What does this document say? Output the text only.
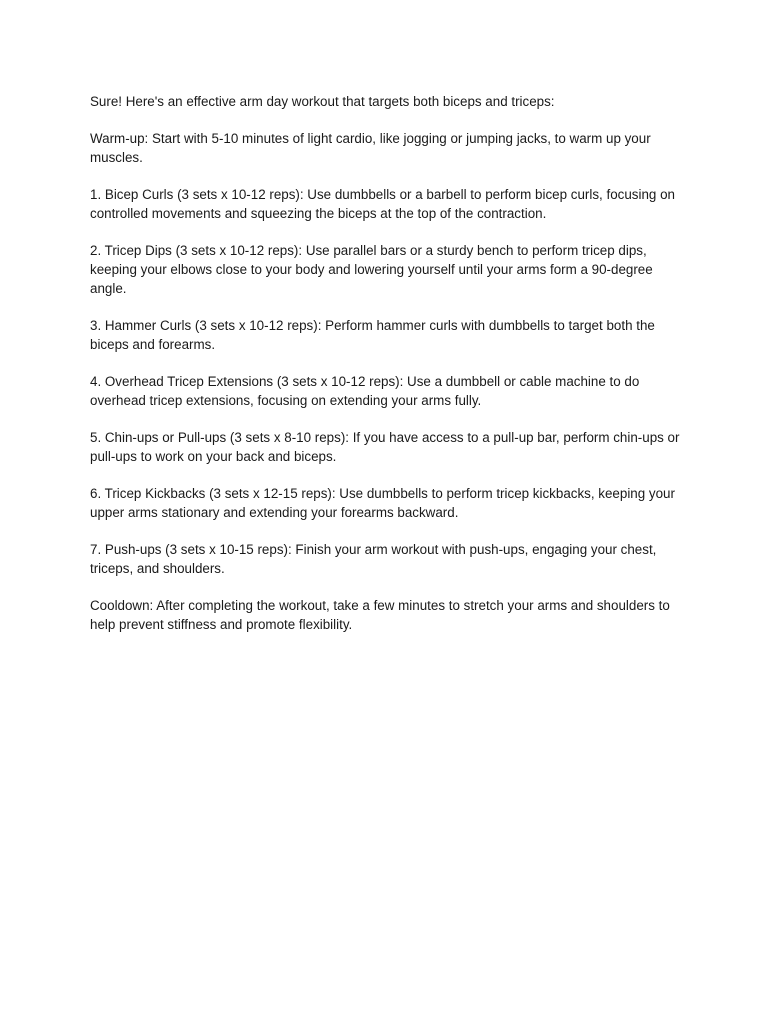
Sure! Here's an effective arm day workout that targets both biceps and triceps:

Warm-up: Start with 5-10 minutes of light cardio, like jogging or jumping jacks, to warm up your muscles.

1. Bicep Curls (3 sets x 10-12 reps): Use dumbbells or a barbell to perform bicep curls, focusing on controlled movements and squeezing the biceps at the top of the contraction.

2. Tricep Dips (3 sets x 10-12 reps): Use parallel bars or a sturdy bench to perform tricep dips, keeping your elbows close to your body and lowering yourself until your arms form a 90-degree angle.

3. Hammer Curls (3 sets x 10-12 reps): Perform hammer curls with dumbbells to target both the biceps and forearms.

4. Overhead Tricep Extensions (3 sets x 10-12 reps): Use a dumbbell or cable machine to do overhead tricep extensions, focusing on extending your arms fully.

5. Chin-ups or Pull-ups (3 sets x 8-10 reps): If you have access to a pull-up bar, perform chin-ups or pull-ups to work on your back and biceps.

6. Tricep Kickbacks (3 sets x 12-15 reps): Use dumbbells to perform tricep kickbacks, keeping your upper arms stationary and extending your forearms backward.

7. Push-ups (3 sets x 10-15 reps): Finish your arm workout with push-ups, engaging your chest, triceps, and shoulders.

Cooldown: After completing the workout, take a few minutes to stretch your arms and shoulders to help prevent stiffness and promote flexibility.
